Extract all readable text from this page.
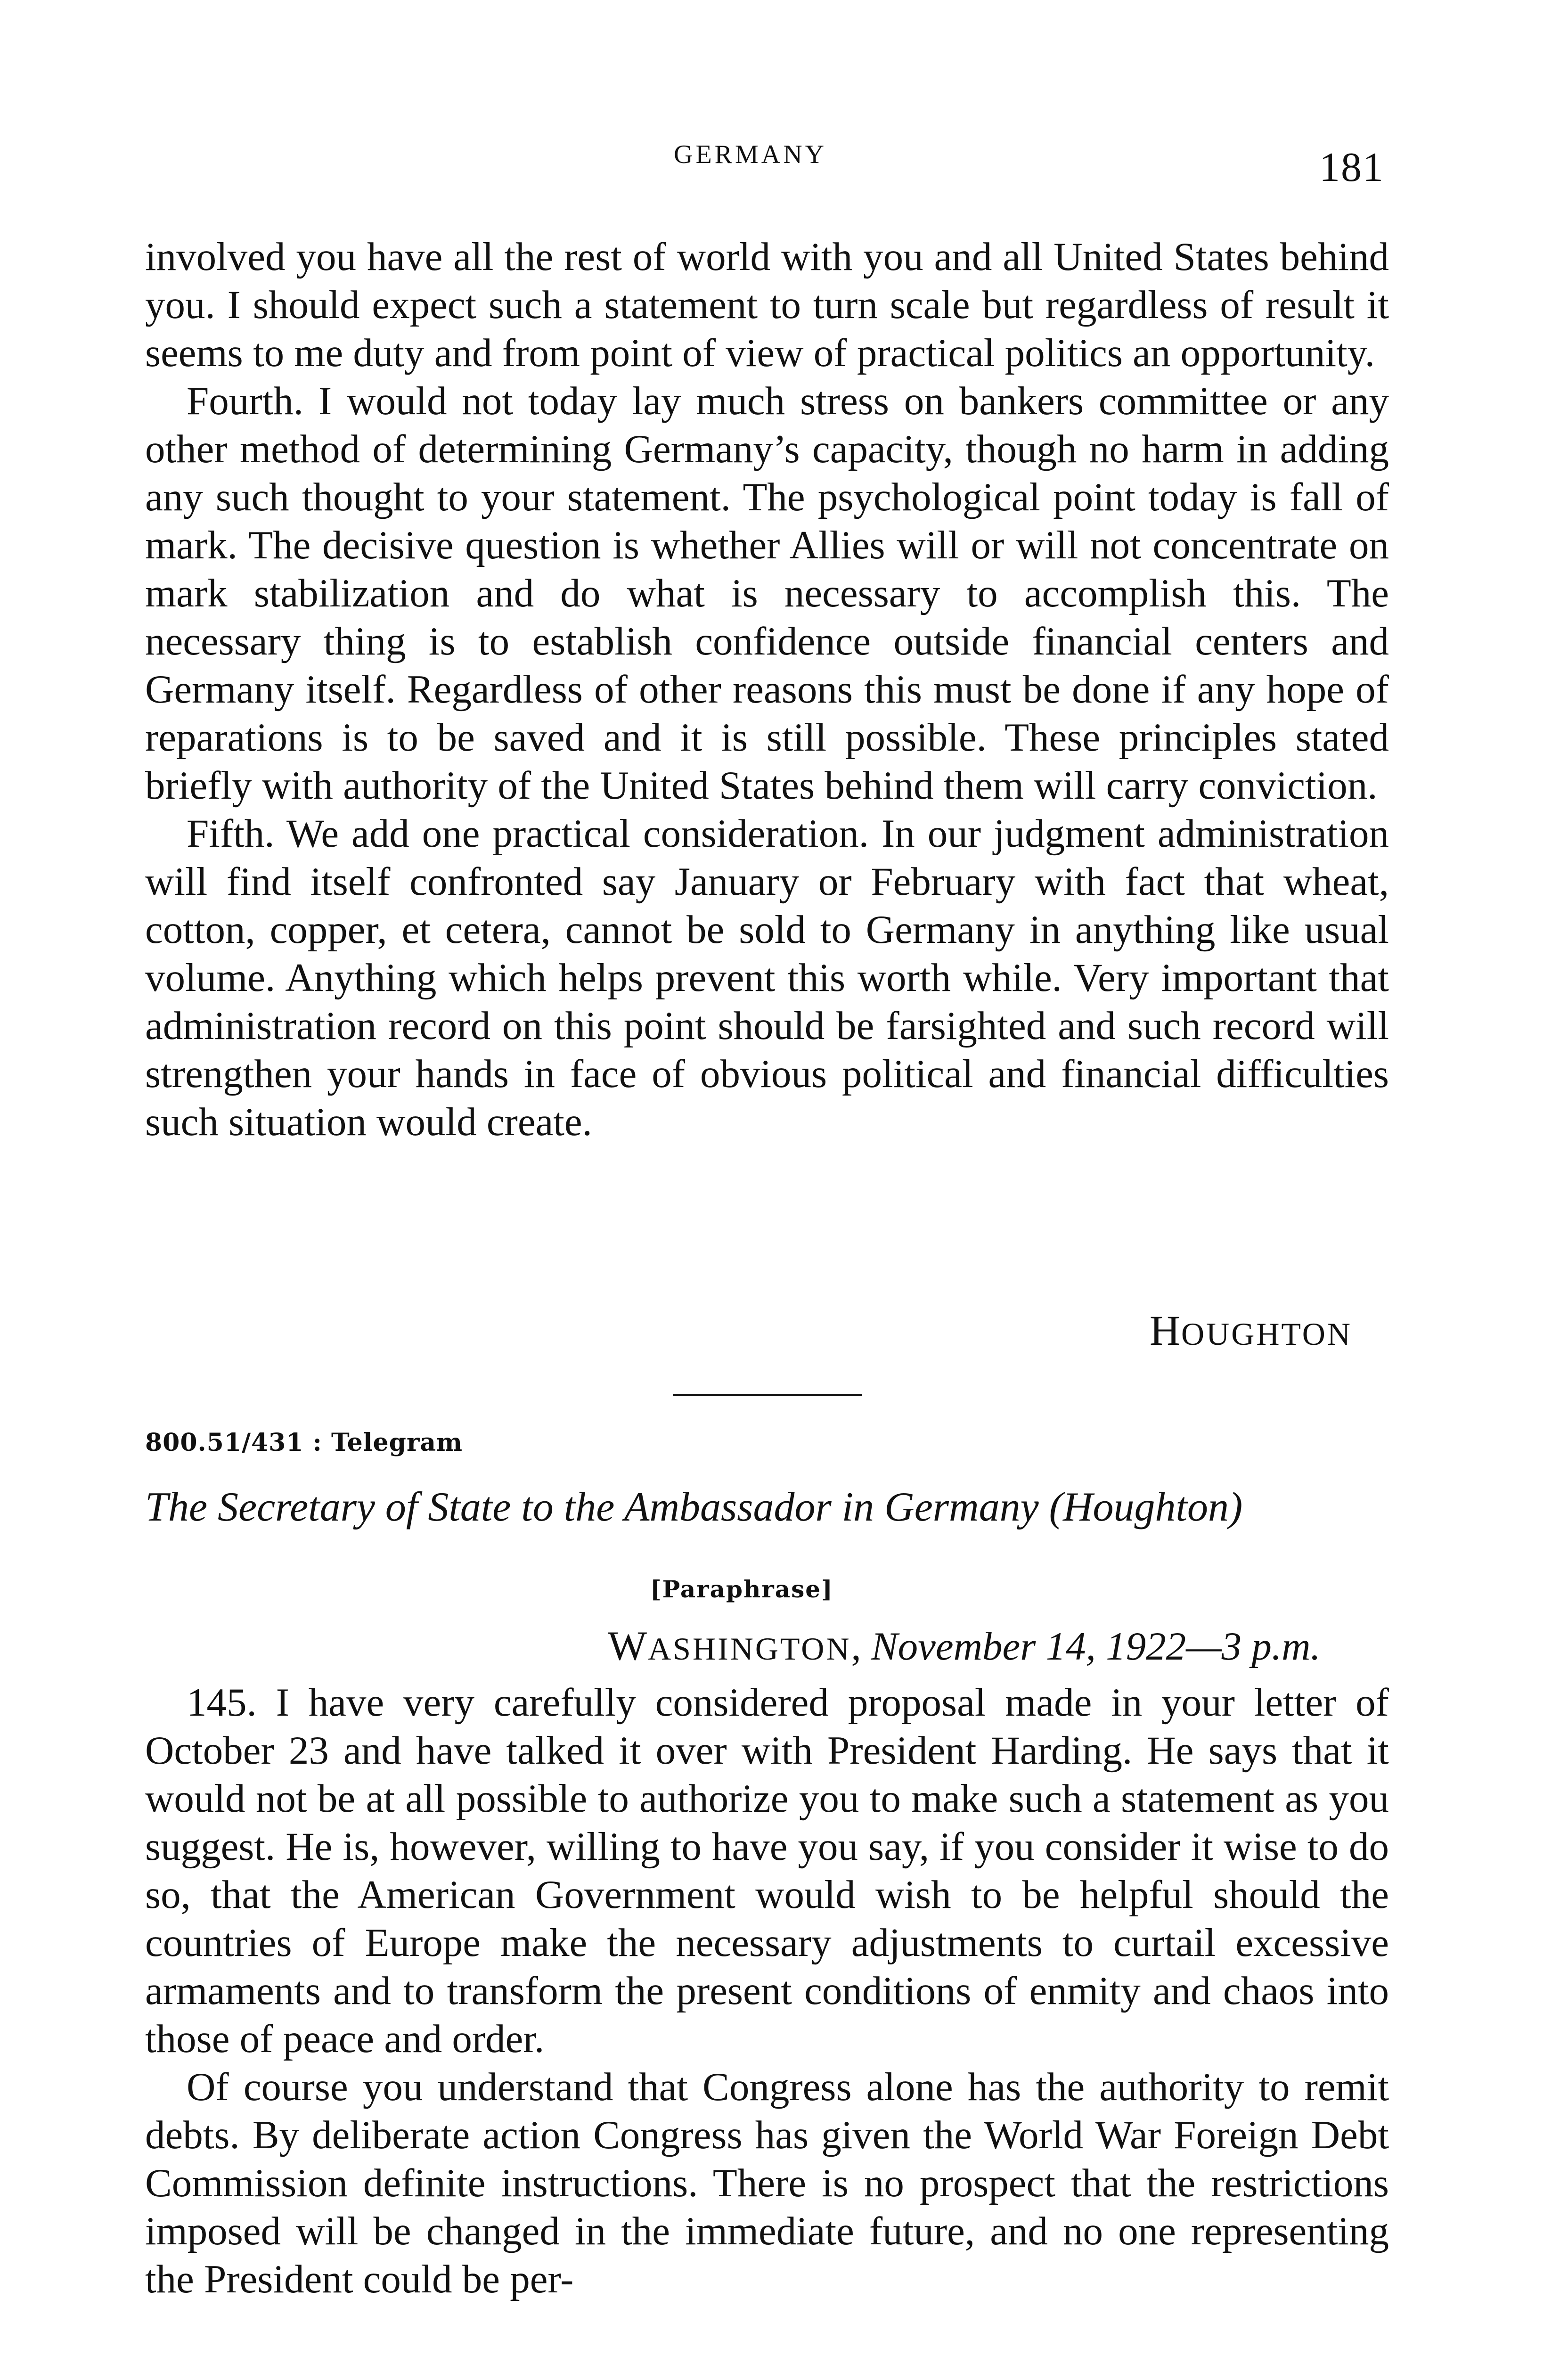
GERMANY	181

involved you have all the rest of world with you and all United States behind you. I should expect such a statement to turn scale but regardless of result it seems to me duty and from point of view of practical politics an opportunity.

Fourth. I would not today lay much stress on bankers committee or any other method of determining Germany’s capacity, though no harm in adding any such thought to your statement. The psychological point today is fall of mark. The decisive question is whether Allies will or will not concentrate on mark stabilization and do what is necessary to accomplish this. The necessary thing is to establish confidence outside financial centers and Germany itself. Regardless of other reasons this must be done if any hope of reparations is to be saved and it is still possible. These principles stated briefly with authority of the United States behind them will carry conviction.

Fifth. We add one practical consideration. In our judgment administration will find itself confronted say January or February with fact that wheat, cotton, copper, et cetera, cannot be sold to Germany in anything like usual volume. Anything which helps prevent this worth while. Very important that administration record on this point should be farsighted and such record will strengthen your hands in face of obvious political and financial difficulties such situation would create.

HOUGHTON
800.51/431 : Telegram
The Secretary of State to the Ambassador in Germany (Houghton)
[Paraphrase]
WASHINGTON, November 14, 1922—3 p.m.

145. I have very carefully considered proposal made in your letter of October 23 and have talked it over with President Harding. He says that it would not be at all possible to authorize you to make such a statement as you suggest. He is, however, willing to have you say, if you consider it wise to do so, that the American Government would wish to be helpful should the countries of Europe make the necessary adjustments to curtail excessive armaments and to transform the present conditions of enmity and chaos into those of peace and order.

Of course you understand that Congress alone has the authority to remit debts. By deliberate action Congress has given the World War Foreign Debt Commission definite instructions. There is no prospect that the restrictions imposed will be changed in the immediate future, and no one representing the President could be per-
